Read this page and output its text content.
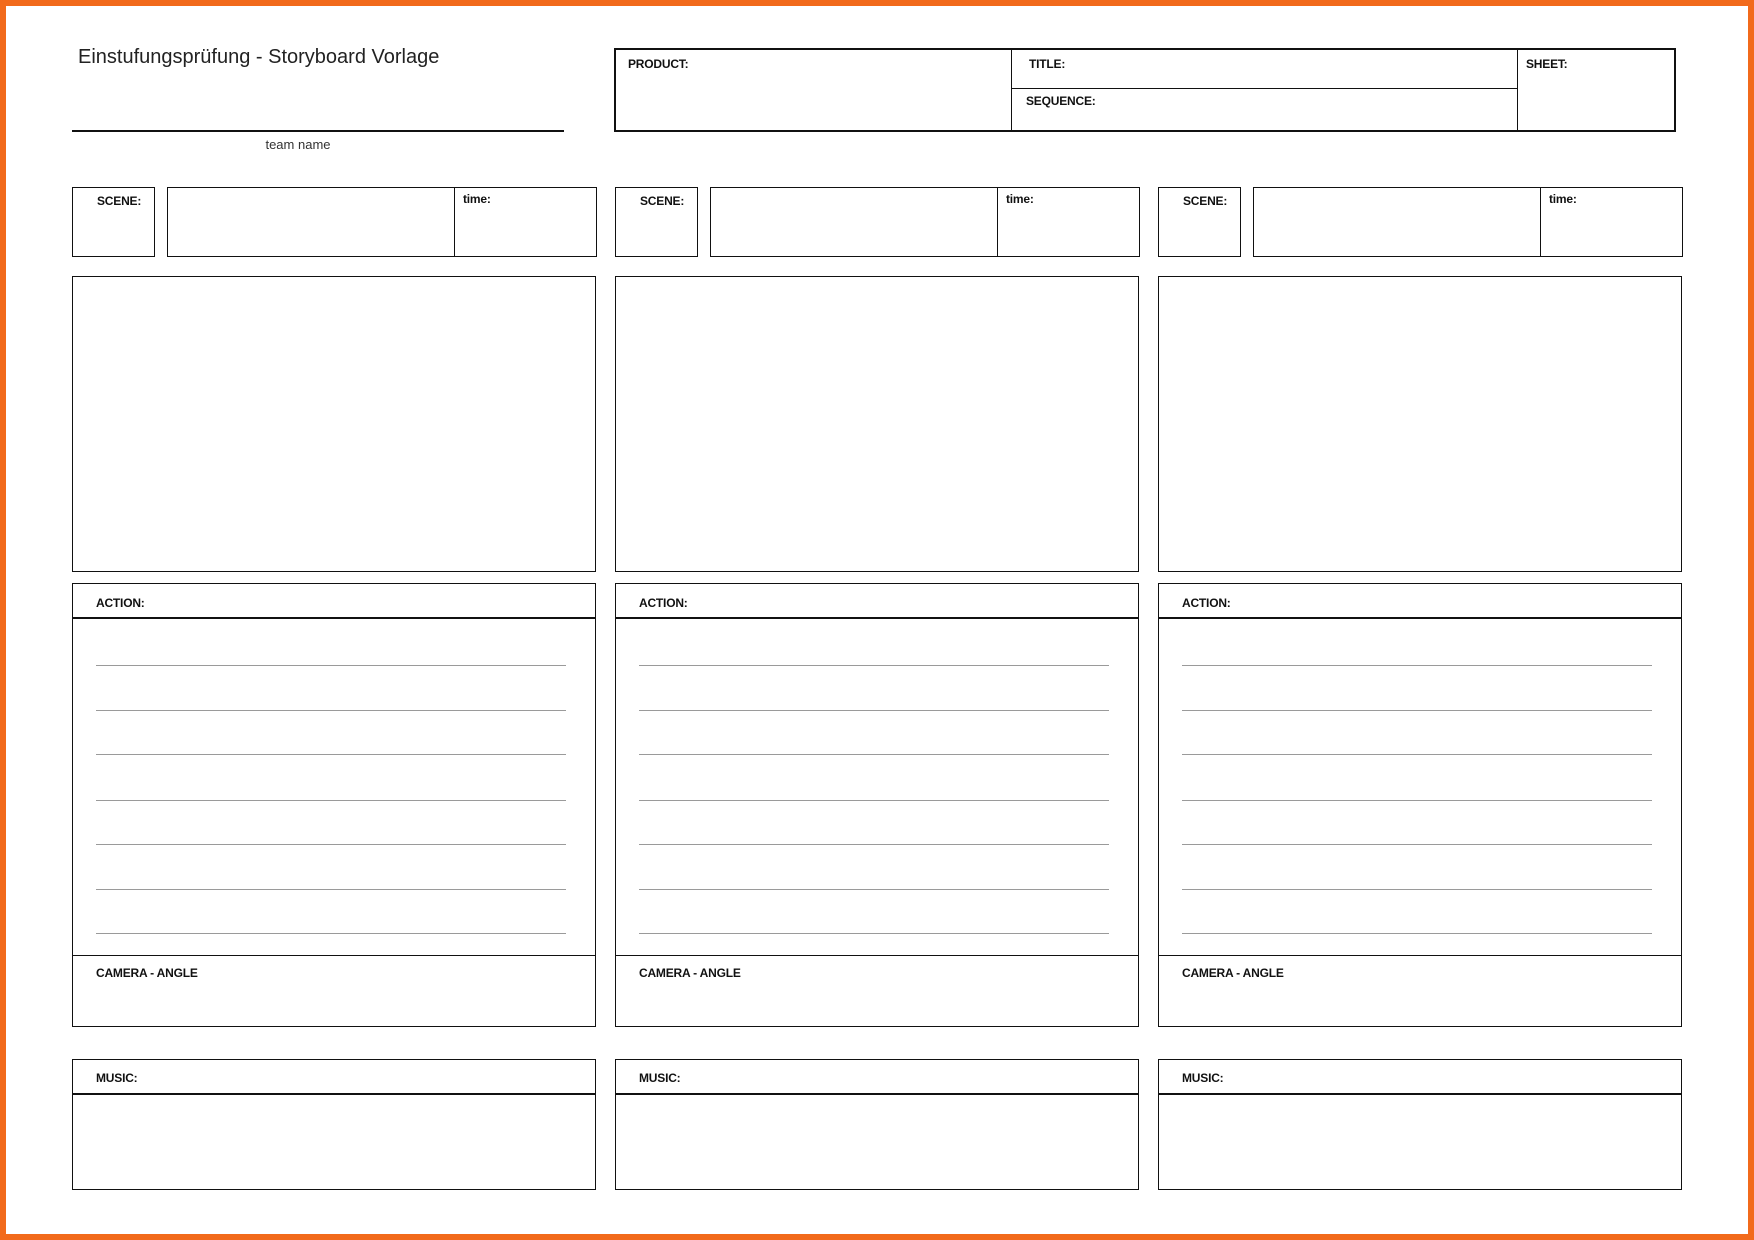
Einstufungsprüfung - Storyboard Vorlage
team name
PRODUCT:	TITLE:
SEQUENCE:
SHEET:
SCENE:	time:
ACTION:
CAMERA - ANGLE
MUSIC:
SCENE:	time:
ACTION:
CAMERA - ANGLE
MUSIC:
SCENE:	time:
ACTION:
CAMERA - ANGLE
MUSIC:
